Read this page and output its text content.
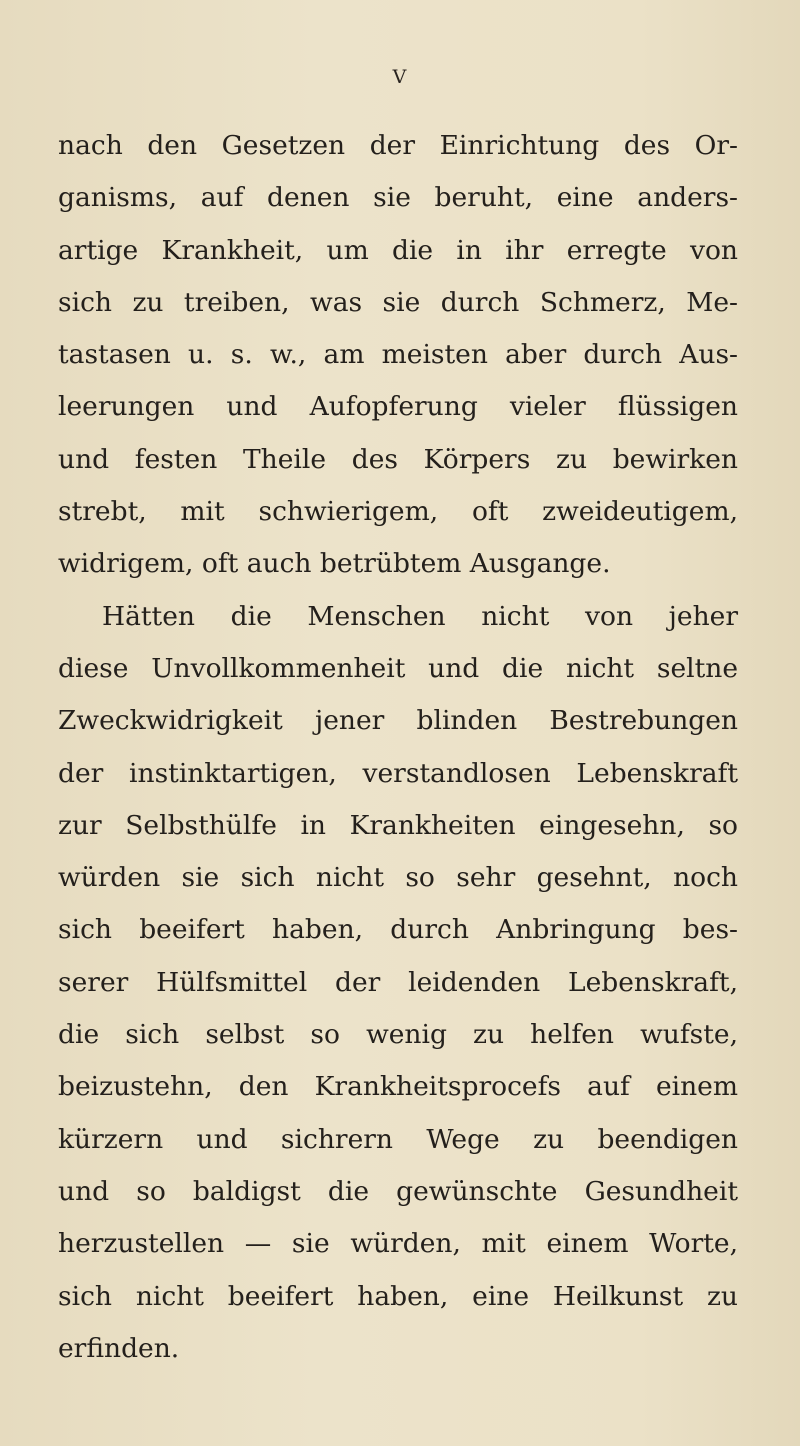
V
nach den Gesetzen der Einrichtung des Or-
ganisms, auf denen sie beruht, eine anders-
artige Krankheit, um die in ihr erregte von
sich zu treiben, was sie durch Schmerz, Me-
tastasen u. s. w., am meisten aber durch Aus-
leerungen und Aufopferung vieler flüssigen
und festen Theile des Körpers zu bewirken
strebt, mit schwierigem, oft zweideutigem,
widrigem, oft auch betrübtem Ausgange.
Hätten die Menschen nicht von jeher
diese Unvollkommenheit und die nicht seltne
Zweckwidrigkeit jener blinden Bestrebungen
der instinktartigen, verstandlosen Lebenskraft
zur Selbsthülfe in Krankheiten eingesehn, so
würden sie sich nicht so sehr gesehnt, noch
sich beeifert haben, durch Anbringung bes-
serer Hülfsmittel der leidenden Lebenskraft,
die sich selbst so wenig zu helfen wufste,
beizustehn, den Krankheitsprocefs auf einem
kürzern und sichrern Wege zu beendigen
und so baldigst die gewünschte Gesundheit
herzustellen — sie würden, mit einem Worte,
sich nicht beeifert haben, eine Heilkunst zu
erfinden.
